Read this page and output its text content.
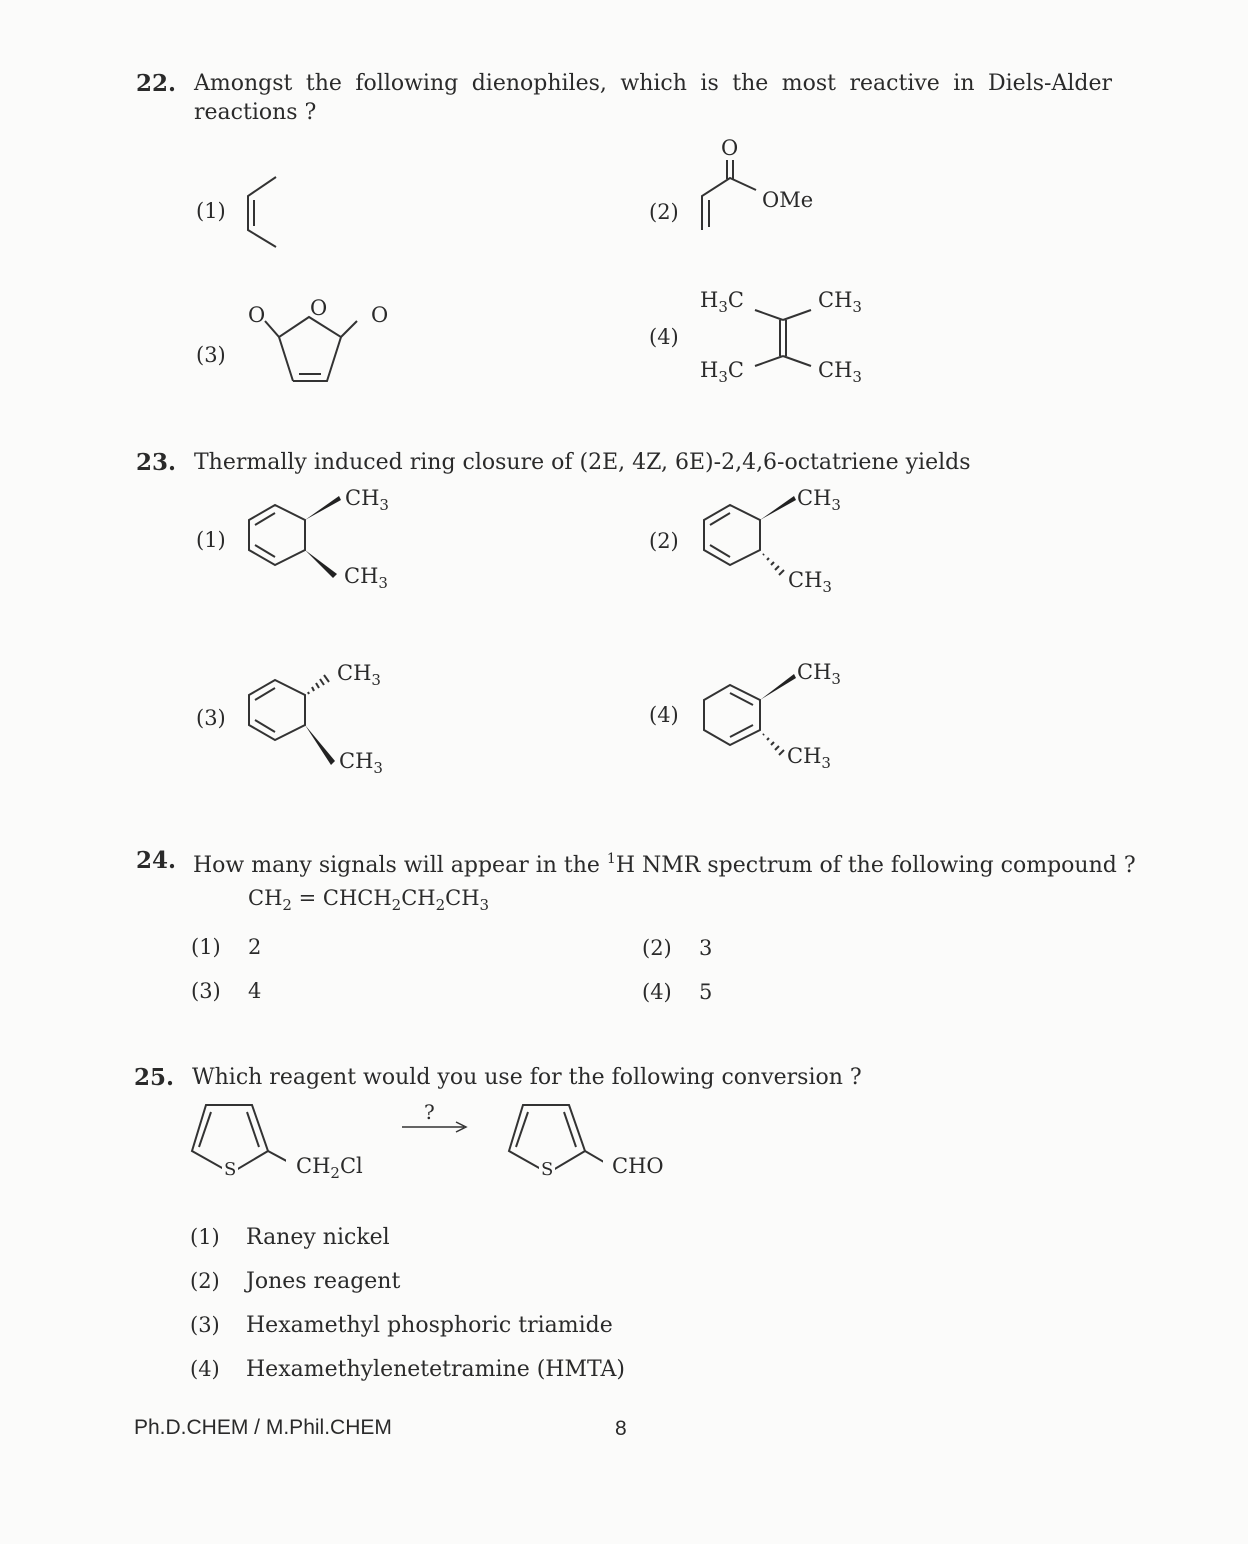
22. Amongst the following dienophiles, which is the most reactive in Diels-Alder
reactions ?
(1)	(2)
O
OMe
(3)
O O O
(4)
$H_3C$	$CH_3$
$H_3C$	$CH_3$
23. Thermally induced ring closure of (2E, 4Z, 6E)-2,4,6-octatriene yields
(1)
$CH_3$
$CH_3$
(2)
$CH_3$
$CH_3$
(3)
$CH_3$
$CH_3$
(4)
$CH_3$
$CH_3$
24. How many signals will appear in the $^1$H NMR spectrum of the following compound ?
$CH_2$ = $CHCH_2CH_2CH_3$
(1) 2	(2) 3
(3) 4	(4) 5
25. Which reagent would you use for the following conversion ?
S	$CH_2Cl$
?
S	CHO
(1) Raney nickel
(2) Jones reagent
(3) Hexamethyl phosphoric triamide
(4) Hexamethylenetetramine (HMTA)
Ph.D.CHEM / M.Phil.CHEM	8
